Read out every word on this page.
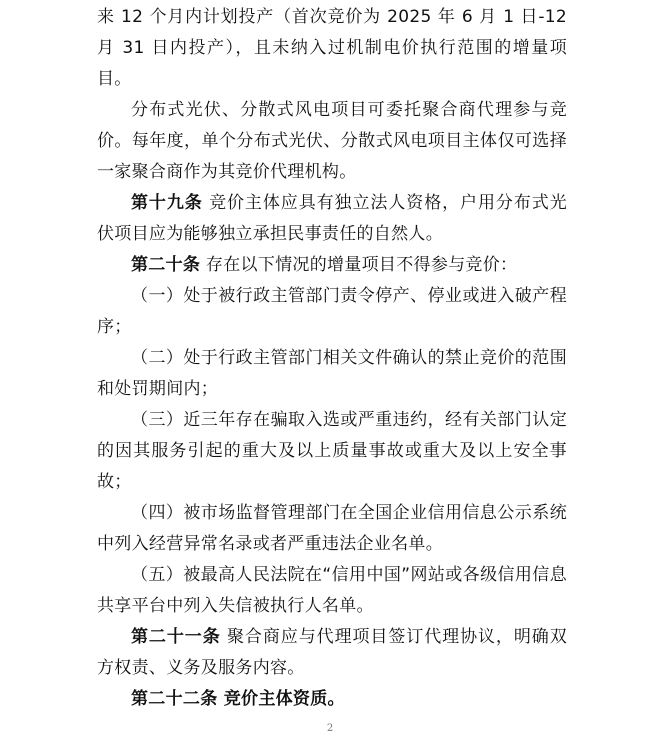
来 12 个月内计划投产（首次竞价为 2025 年 6 月 1 日-12 月 31 日内投产），且未纳入过机制电价执行范围的增量项目。

分布式光伏、分散式风电项目可委托聚合商代理参与竞价。每年度，单个分布式光伏、分散式风电项目主体仅可选择一家聚合商作为其竞价代理机构。

第十九条 竞价主体应具有独立法人资格，户用分布式光伏项目应为能够独立承担民事责任的自然人。

第二十条 存在以下情况的增量项目不得参与竞价：

（一）处于被行政主管部门责令停产、停业或进入破产程序；

（二）处于行政主管部门相关文件确认的禁止竞价的范围和处罚期间内；

（三）近三年存在骗取入选或严重违约，经有关部门认定的因其服务引起的重大及以上质量事故或重大及以上安全事故；

（四）被市场监督管理部门在全国企业信用信息公示系统中列入经营异常名录或者严重违法企业名单。

（五）被最高人民法院在“信用中国”网站或各级信用信息共享平台中列入失信被执行人名单。

第二十一条 聚合商应与代理项目签订代理协议，明确双方权责、义务及服务内容。

第二十二条 竞价主体资质。

2
